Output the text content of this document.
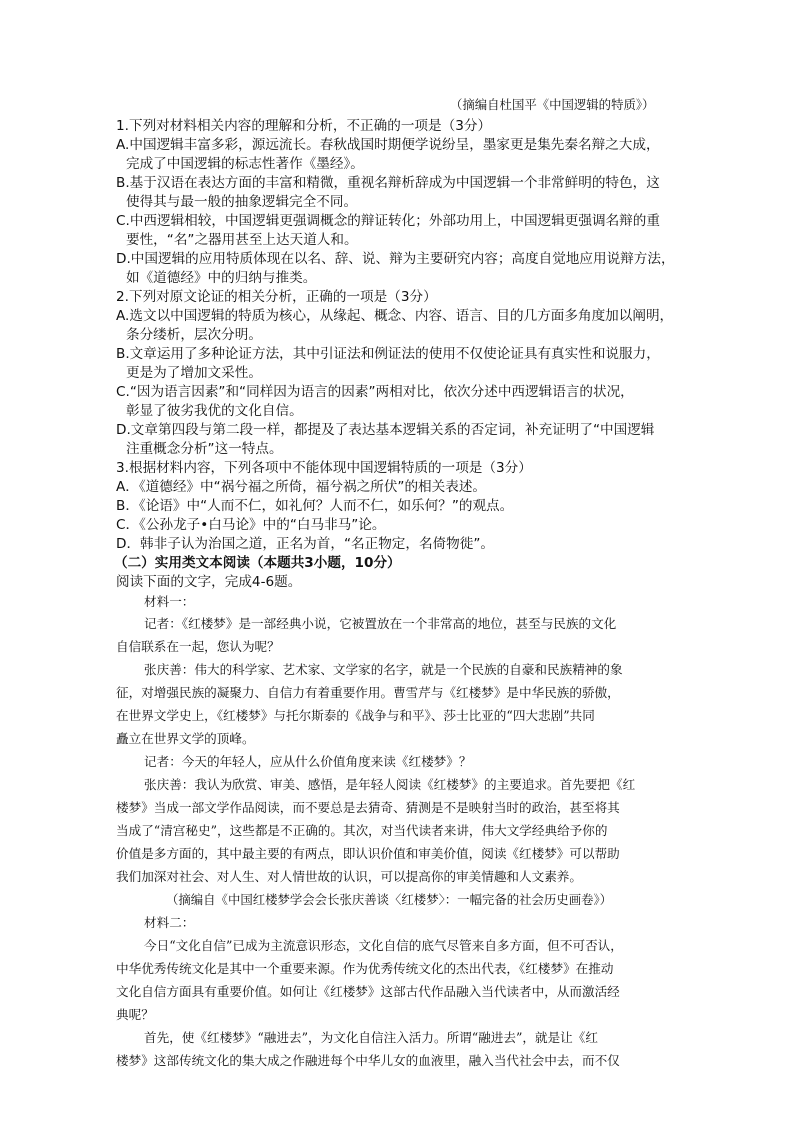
（摘编自杜国平《中国逻辑的特质》）
1.下列对材料相关内容的理解和分析，不正确的一项是（3分）
A.中国逻辑丰富多彩，源远流长。春秋战国时期便学说纷呈，墨家更是集先秦名辩之大成，
完成了中国逻辑的标志性著作《墨经》。
B.基于汉语在表达方面的丰富和精微，重视名辩析辞成为中国逻辑一个非常鲜明的特色，这
使得其与最一般的抽象逻辑完全不同。
C.中西逻辑相较，中国逻辑更强调概念的辩证转化；外部功用上，中国逻辑更强调名辩的重
要性，“名”之器用甚至上达天道人和。
D.中国逻辑的应用特质体现在以名、辞、说、辩为主要研究内容；高度自觉地应用说辩方法，
如《道德经》中的归纳与推类。
2.下列对原文论证的相关分析，正确的一项是（3分）
A.选文以中国逻辑的特质为核心，从缘起、概念、内容、语言、目的几方面多角度加以阐明，
条分缕析，层次分明。
B.文章运用了多种论证方法，其中引证法和例证法的使用不仅使论证具有真实性和说服力，
更是为了增加文采性。
C.“因为语言因素”和“同样因为语言的因素”两相对比，依次分述中西逻辑语言的状况，
彰显了彼劣我优的文化自信。
D.文章第四段与第二段一样，都提及了表达基本逻辑关系的否定词，补充证明了“中国逻辑
注重概念分析”这一特点。
3.根据材料内容，下列各项中不能体现中国逻辑特质的一项是（3分）
A．《道德经》中“祸兮福之所倚，福兮祸之所伏”的相关表述。
B．《论语》中“人而不仁，如礼何？人而不仁，如乐何？”的观点。
C．《公孙龙子•白马论》中的“白马非马”论。
D．韩非子认为治国之道，正名为首，“名正物定，名倚物徙”。
（二）实用类文本阅读（本题共3小题，10分）
阅读下面的文字，完成4-6题。
材料一：
记者：《红楼梦》是一部经典小说，它被置放在一个非常高的地位，甚至与民族的文化
自信联系在一起，您认为呢？
张庆善：伟大的科学家、艺术家、文学家的名字，就是一个民族的自豪和民族精神的象
征，对增强民族的凝聚力、自信力有着重要作用。曹雪芹与《红楼梦》是中华民族的骄傲，
在世界文学史上，《红楼梦》与托尔斯泰的《战争与和平》、莎士比亚的“四大悲剧”共同
矗立在世界文学的顶峰。
记者：今天的年轻人，应从什么价值角度来读《红楼梦》？
张庆善：我认为欣赏、审美、感悟，是年轻人阅读《红楼梦》的主要追求。首先要把《红
楼梦》当成一部文学作品阅读，而不要总是去猜奇、猜测是不是映射当时的政治，甚至将其
当成了“清宫秘史”，这些都是不正确的。其次，对当代读者来讲，伟大文学经典给予你的
价值是多方面的，其中最主要的有两点，即认识价值和审美价值，阅读《红楼梦》可以帮助
我们加深对社会、对人生、对人情世故的认识，可以提高你的审美情趣和人文素养。
（摘编自《中国红楼梦学会会长张庆善谈〈红楼梦〉：一幅完备的社会历史画卷》）
材料二：
今日“文化自信”已成为主流意识形态，文化自信的底气尽管来自多方面，但不可否认，
中华优秀传统文化是其中一个重要来源。作为优秀传统文化的杰出代表，《红楼梦》在推动
文化自信方面具有重要价值。如何让《红楼梦》这部古代作品融入当代读者中，从而激活经
典呢？
首先，使《红楼梦》“融进去”，为文化自信注入活力。所谓“融进去”，就是让《红
楼梦》这部传统文化的集大成之作融进每个中华儿女的血液里，融入当代社会中去，而不仅
